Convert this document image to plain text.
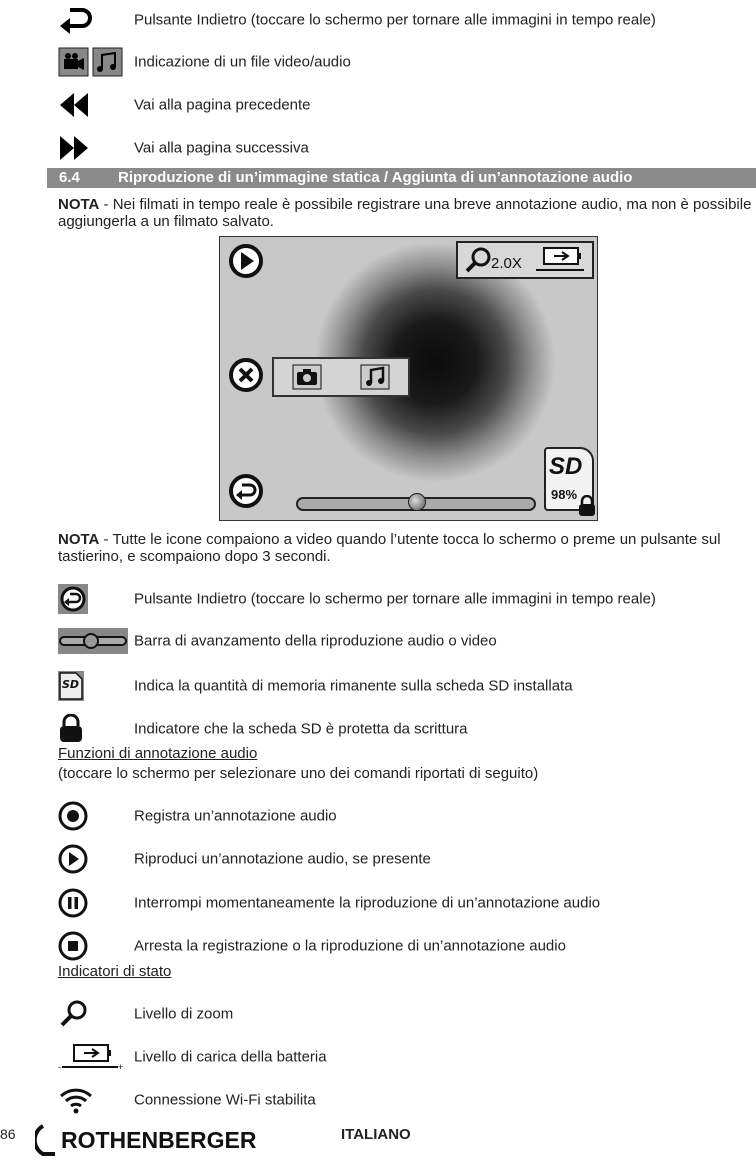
Pulsante Indietro (toccare lo schermo per tornare alle immagini in tempo reale)
Indicazione di un file video/audio
Vai alla pagina precedente
Vai alla pagina successiva
6.4	Riproduzione di un’immagine statica / Aggiunta di un’annotazione audio
NOTA - Nei filmati in tempo reale è possibile registrare una breve annotazione audio, ma non è possibile aggiungerla a un filmato salvato.
2.0X
SD
98%
NOTA - Tutte le icone compaiono a video quando l’utente tocca lo schermo o preme un pulsante sul tastierino, e scompaiono dopo 3 secondi.
Pulsante Indietro (toccare lo schermo per tornare alle immagini in tempo reale)
Barra di avanzamento della riproduzione audio o video
SD	Indica la quantità di memoria rimanente sulla scheda SD installata
Indicatore che la scheda SD è protetta da scrittura
Funzioni di annotazione audio
(toccare lo schermo per selezionare uno dei comandi riportati di seguito)
Registra un’annotazione audio
Riproduci un’annotazione audio, se presente
Interrompi momentaneamente la riproduzione di un’annotazione audio
Arresta la registrazione o la riproduzione di un’annotazione audio
Indicatori di stato
Livello di zoom
-	+
Livello di carica della batteria
Connessione Wi-Fi stabilita
86 ROTHENBERGER	ITALIANO
